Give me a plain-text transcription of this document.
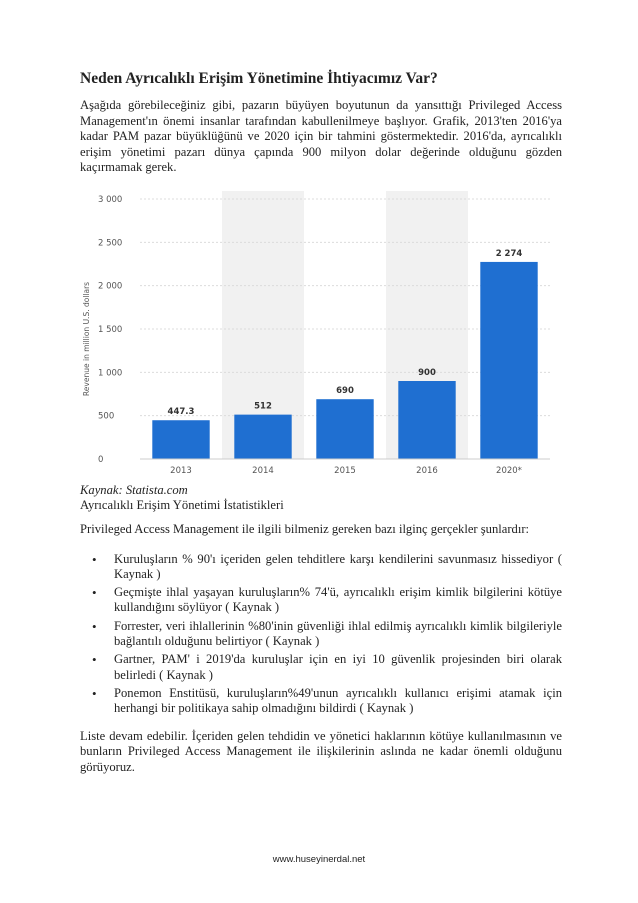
Neden Ayrıcalıklı Erişim Yönetimine İhtiyacımız Var?

Aşağıda görebileceğiniz gibi, pazarın büyüyen boyutunun da yansıttığı Privileged Access Management'ın önemi insanlar tarafından kabullenilmeye başlıyor. Grafik, 2013'ten 2016'ya kadar PAM pazar büyüklüğünü ve 2020 için bir tahmini göstermektedir. 2016'da, ayrıcalıklı erişim yönetimi pazarı dünya çapında 900 milyon dolar değerinde olduğunu gözden kaçırmamak gerek.

0
500
1 000
1 500
2 000
2 500
3 000
Revenue in million U.S. dollars
447.3
2013
512
2014
690
2015
900
2016
2 274
2020*
Kaynak: Statista.com
Ayrıcalıklı Erişim Yönetimi İstatistikleri
Privileged Access Management ile ilgili bilmeniz gereken bazı ilginç gerçekler şunlardır:
• Kuruluşların % 90'ı içeriden gelen tehditlere karşı kendilerini savunmasız hissediyor ( Kaynak )
• Geçmişte ihlal yaşayan kuruluşların% 74'ü, ayrıcalıklı erişim kimlik bilgilerini kötüye kullandığını söylüyor ( Kaynak )
• Forrester, veri ihlallerinin %80'inin güvenliği ihlal edilmiş ayrıcalıklı kimlik bilgileriyle bağlantılı olduğunu belirtiyor ( Kaynak )
• Gartner, PAM' i 2019'da kuruluşlar için en iyi 10 güvenlik projesinden biri olarak belirledi ( Kaynak )
• Ponemon Enstitüsü, kuruluşların%49'unun ayrıcalıklı kullanıcı erişimi atamak için herhangi bir politikaya sahip olmadığını bildirdi ( Kaynak )

Liste devam edebilir. İçeriden gelen tehdidin ve yönetici haklarının kötüye kullanılmasının ve bunların Privileged Access Management ile ilişkilerinin aslında ne kadar önemli olduğunu görüyoruz.

www.huseyinerdal.net
